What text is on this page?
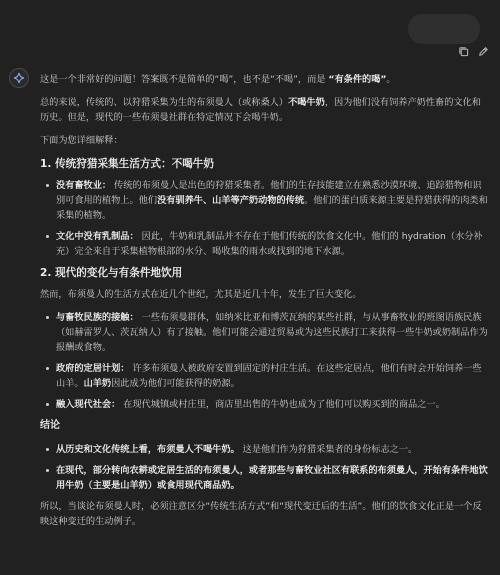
这是一个非常好的问题！答案既不是简单的“喝”，也不是“不喝”，而是 “有条件的喝”。

总的来说，传统的、以狩猎采集为生的布须曼人（或称桑人）不喝牛奶，因为他们没有饲养产奶性畜的文化和历史。但是，现代的一些布须曼社群在特定情况下会喝牛奶。

下面为您详细解释：

1. 传统狩猎采集生活方式：不喝牛奶
没有畜牧业： 传统的布须曼人是出色的狩猎采集者。他们的生存技能建立在熟悉沙漠环境、追踪猎物和识别可食用的植物上。他们没有驯养牛、山羊等产奶动物的传统。他们的蛋白质来源主要是狩猎获得的肉类和采集的植物。
文化中没有乳制品： 因此，牛奶和乳制品并不存在于他们传统的饮食文化中。他们的 hydration（水分补充）完全来自于采集植物根部的水分、喝收集的雨水或找到的地下水源。
2. 现代的变化与有条件地饮用

然而，布须曼人的生活方式在近几个世纪，尤其是近几十年，发生了巨大变化。

与畜牧民族的接触： 一些布须曼群体，如纳米比亚和博茨瓦纳的某些社群，与从事畜牧业的班图语族民族（如赫雷罗人、茨瓦纳人）有了接触。他们可能会通过贸易或为这些民族打工来获得一些牛奶或奶制品作为报酬或食物。
政府的定居计划： 许多布须曼人被政府安置到固定的村庄生活。在这些定居点，他们有时会开始饲养一些山羊。山羊奶因此成为他们可能获得的奶源。
融入现代社会： 在现代城镇或村庄里，商店里出售的牛奶也成为了他们可以购买到的商品之一。
结论
从历史和文化传统上看，布须曼人不喝牛奶。 这是他们作为狩猎采集者的身份标志之一。
在现代，部分转向农耕或定居生活的布须曼人，或者那些与畜牧业社区有联系的布须曼人，开始有条件地饮用牛奶（主要是山羊奶）或食用现代商品奶。

所以，当谈论布须曼人时，必须注意区分“传统生活方式”和“现代变迁后的生活”。他们的饮食文化正是一个反映这种变迁的生动例子。
